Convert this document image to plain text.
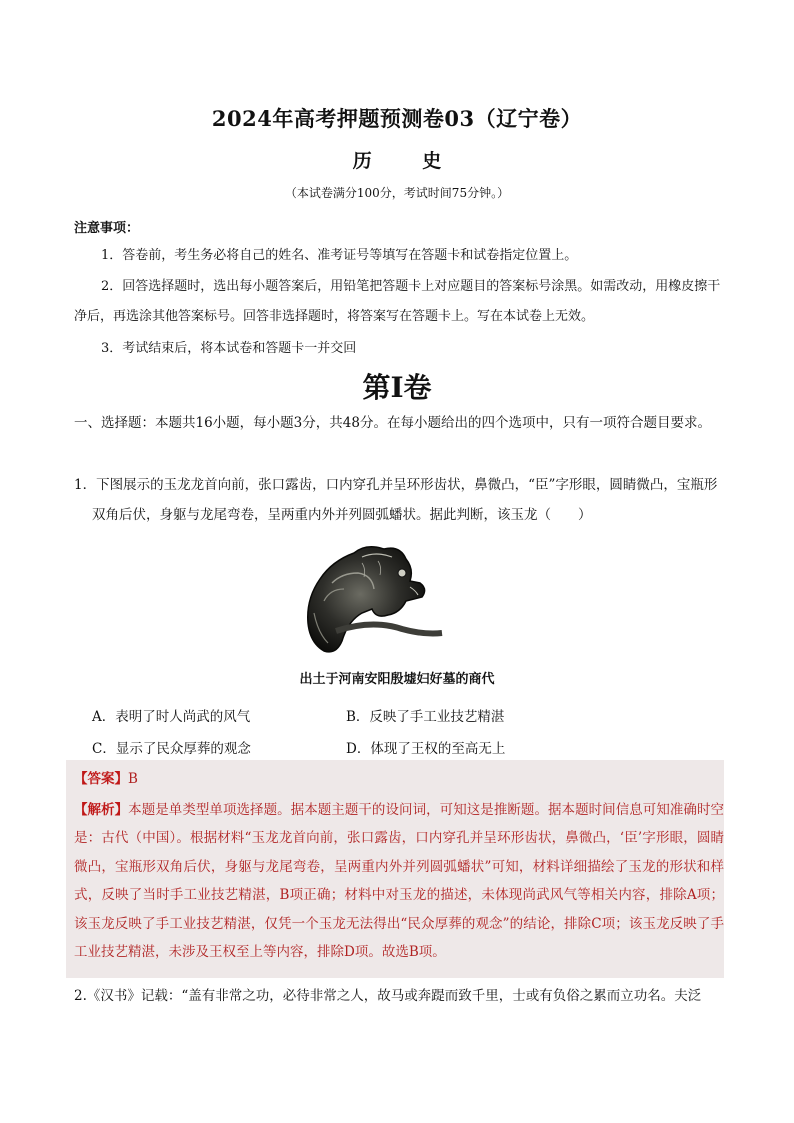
2024年高考押题预测卷03（辽宁卷）
历 史
（本试卷满分100分，考试时间75分钟。）
注意事项：
1．答卷前，考生务必将自己的姓名、准考证号等填写在答题卡和试卷指定位置上。
2．回答选择题时，选出每小题答案后，用铅笔把答题卡上对应题目的答案标号涂黑。如需改动，用橡皮擦干净后，再选涂其他答案标号。回答非选择题时，将答案写在答题卡上。写在本试卷上无效。
3．考试结束后，将本试卷和答题卡一并交回
第Ⅰ卷
一、选择题：本题共16小题，每小题3分，共48分。在每小题给出的四个选项中，只有一项符合题目要求。
1．下图展示的玉龙龙首向前，张口露齿，口内穿孔并呈环形齿状，鼻微凸，“臣”字形眼，圆睛微凸，宝瓶形双角后伏，身躯与龙尾弯卷，呈两重内外并列圆弧蟠状。据此判断，该玉龙（　　）
出土于河南安阳殷墟妇好墓的商代
A．表明了时人尚武的风气	B．反映了手工业技艺精湛
C．显示了民众厚葬的观念	D．体现了王权的至高无上
【答案】B
【解析】本题是单类型单项选择题。据本题主题干的设问词，可知这是推断题。据本题时间信息可知准确时空是：古代（中国）。根据材料“玉龙龙首向前，张口露齿，口内穿孔并呈环形齿状，鼻微凸，‘臣’字形眼，圆睛微凸，宝瓶形双角后伏，身躯与龙尾弯卷，呈两重内外并列圆弧蟠状”可知，材料详细描绘了玉龙的形状和样式，反映了当时手工业技艺精湛，B项正确；材料中对玉龙的描述，未体现尚武风气等相关内容，排除A项；该玉龙反映了手工业技艺精湛，仅凭一个玉龙无法得出“民众厚葬的观念”的结论，排除C项；该玉龙反映了手工业技艺精湛，未涉及王权至上等内容，排除D项。故选B项。
2.《汉书》记载：“盖有非常之功，必待非常之人，故马或奔踶而致千里，士或有负俗之累而立功名。夫泛
